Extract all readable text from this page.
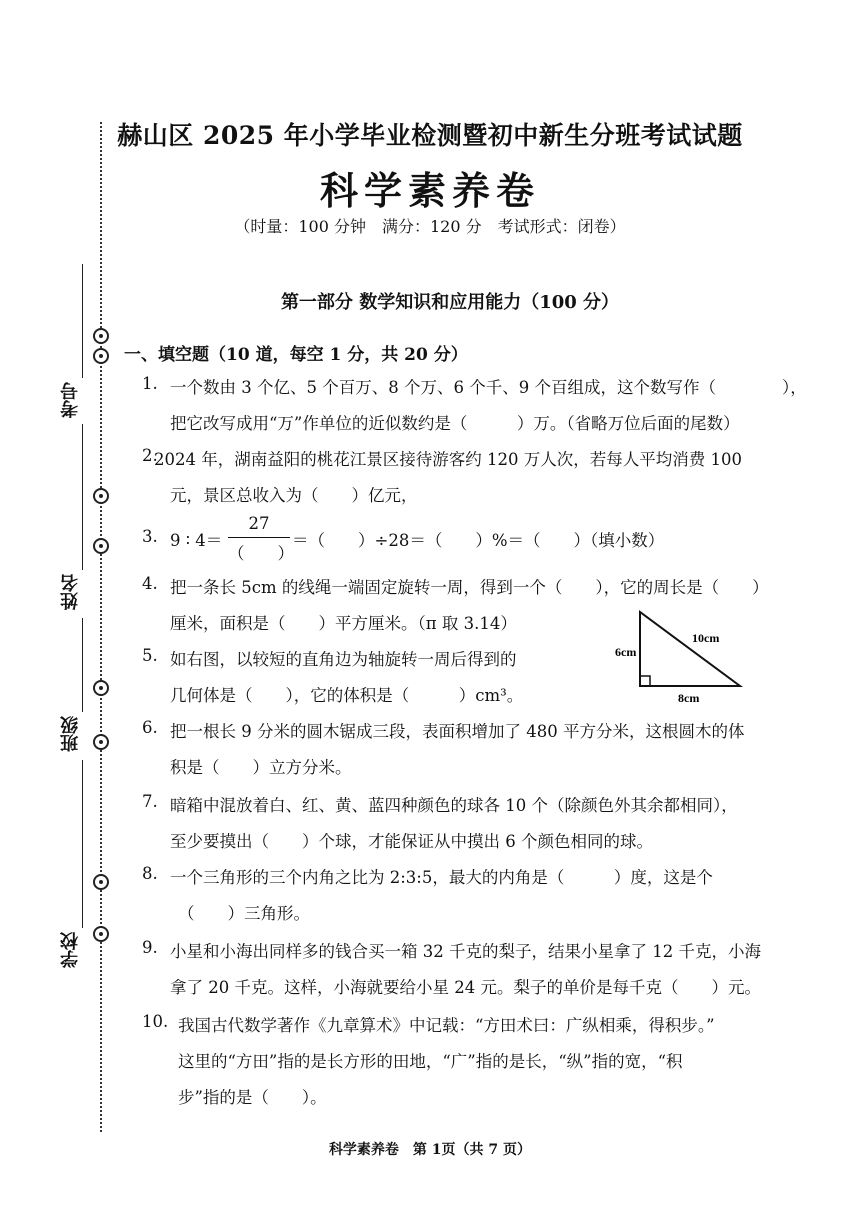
考号
姓名
班级
学校
赫山区 2025 年小学毕业检测暨初中新生分班考试试题
科学素养卷
（时量：100 分钟　满分：120 分　考试形式：闭卷）
第一部分 数学知识和应用能力（100 分）
一、填空题（10 道，每空 1 分，共 20 分）
1. 一个数由 3 个亿、5 个百万、8 个万、6 个千、9 个百组成，这个数写作（　　　　），
把它改写成用“万”作单位的近似数约是（　　　）万。（省略万位后面的尾数）
2.
2024 年，湖南益阳的桃花江景区接待游客约 120 万人次，若每人平均消费 100
元，景区总收入为（　　）亿元，
3. 9 ∶ 4＝
27
（　　）
＝（　　）÷28＝（　　）%＝（　　）（填小数）
4. 把一条长 5cm 的线绳一端固定旋转一周，得到一个（　　），它的周长是（　　）
厘米，面积是（　　）平方厘米。（π 取 3.14）
5. 如右图，以较短的直角边为轴旋转一周后得到的
几何体是（　　），它的体积是（　　　）cm³。
6cm
10cm
8cm
6. 把一根长 9 分米的圆木锯成三段，表面积增加了 480 平方分米，这根圆木的体
积是（　　）立方分米。
7. 暗箱中混放着白、红、黄、蓝四种颜色的球各 10 个（除颜色外其余都相同），
至少要摸出（　　）个球，才能保证从中摸出 6 个颜色相同的球。
8. 一个三角形的三个内角之比为 2:3:5，最大的内角是（　　　）度，这是个
（　　）三角形。
9. 小星和小海出同样多的钱合买一箱 32 千克的梨子，结果小星拿了 12 千克，小海
拿了 20 千克。这样，小海就要给小星 24 元。梨子的单价是每千克（　　）元。
10. 我国古代数学著作《九章算术》中记载：“方田术曰：广纵相乘，得积步。”
这里的“方田”指的是长方形的田地，“广”指的是长，“纵”指的宽，“积
步”指的是（　　）。
科学素养卷　第 1页（共 7 页）
